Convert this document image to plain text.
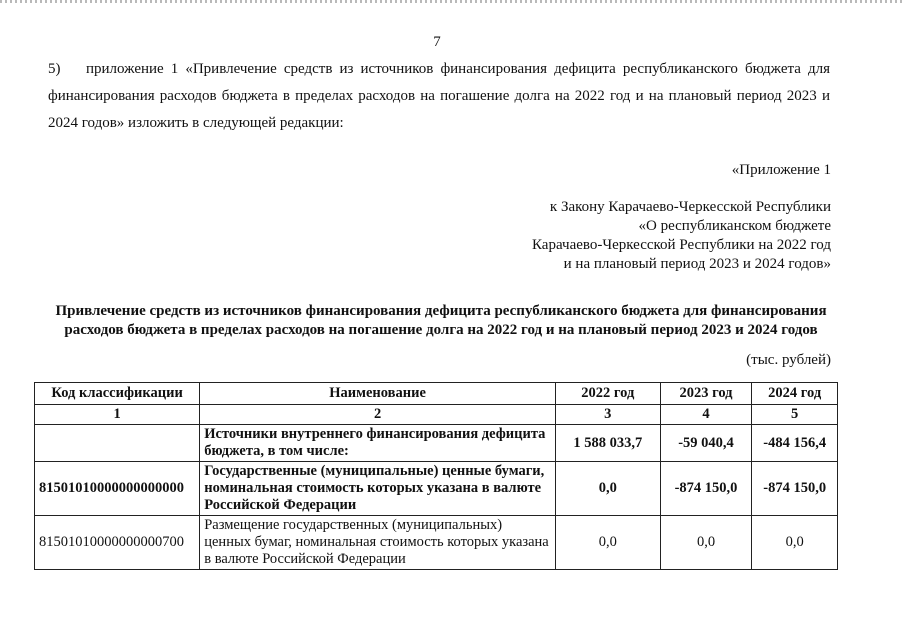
7

5) приложение 1 «Привлечение средств из источников финансирования дефицита республиканского бюджета для финансирования расходов бюджета в пределах расходов на погашение долга на 2022 год и на плановый период 2023 и 2024 годов» изложить в следующей редакции:

«Приложение 1
к Закону Карачаево-Черкесской Республики
«О республиканском бюджете
Карачаево-Черкесской Республики на 2022 год
и на плановый период 2023 и 2024 годов»
Привлечение средств из источников финансирования дефицита республиканского бюджета для финансирования
расходов бюджета в пределах расходов на погашение долга на 2022 год и на плановый период 2023 и 2024 годов
(тыс. рублей)
Код классификации	Наименование	2022 год	2023 год	2024 год
1	2	3	4	5
	Источники внутреннего финансирования дефицита бюджета, в том числе:	1 588 033,7	-59 040,4	-484 156,4
81501010000000000000	Государственные (муниципальные) ценные бумаги, номинальная стоимость которых указана в валюте Российской Федерации	0,0	-874 150,0	-874 150,0
81501010000000000700	Размещение государственных (муниципальных) ценных бумаг, номинальная стоимость которых указана в валюте Российской Федерации	0,0	0,0	0,0
